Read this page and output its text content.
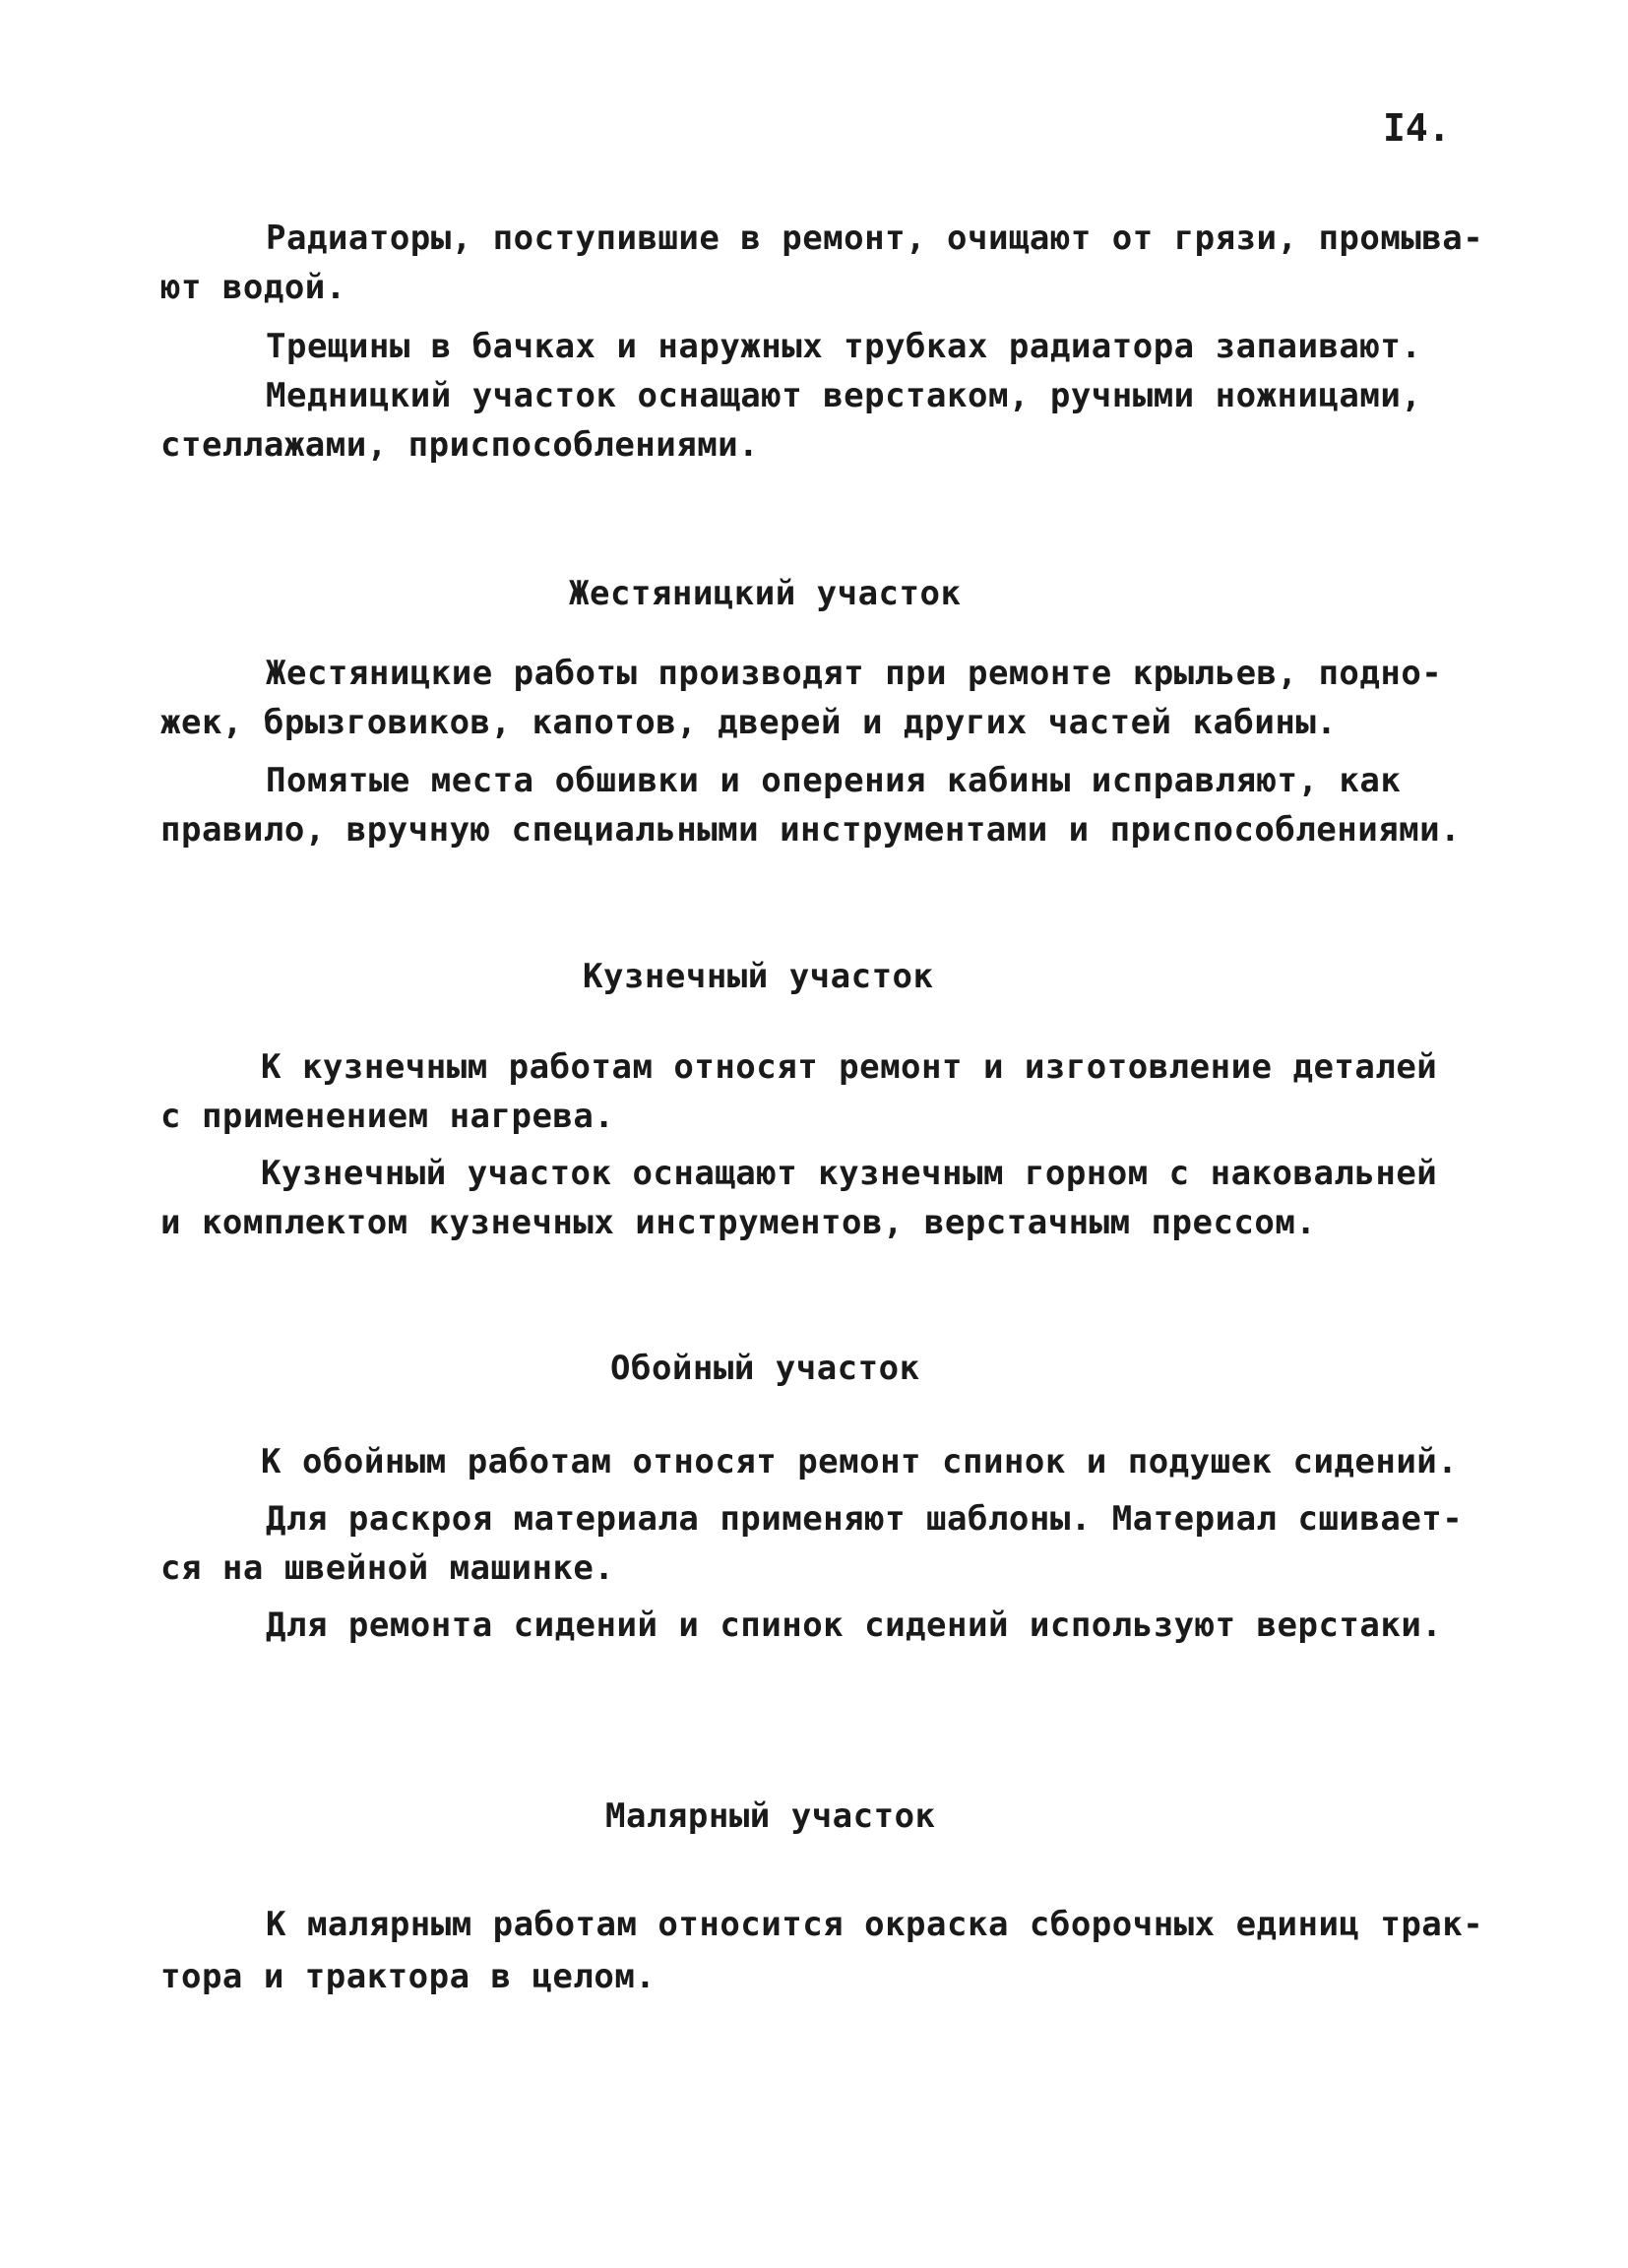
I4.
Радиаторы, поступившие в ремонт, очищают от грязи, промыва-
ют водой.
Трещины в бачках и наружных трубках радиатора запаивают.
Медницкий участок оснащают верстаком, ручными ножницами,
стеллажами, приспособлениями.
Жестяницкий участок
Жестяницкие работы производят при ремонте крыльев, подно-
жек, брызговиков, капотов, дверей и других частей кабины.
Помятые места обшивки и оперения кабины исправляют, как
правило, вручную специальными инструментами и приспособлениями.
Кузнечный участок
К кузнечным работам относят ремонт и изготовление деталей
с применением нагрева.
Кузнечный участок оснащают кузнечным горном с наковальней
и комплектом кузнечных инструментов, верстачным прессом.
Обойный участок
К обойным работам относят ремонт спинок и подушек сидений.
Для раскроя материала применяют шаблоны. Материал сшивает-
ся на швейной машинке.
Для ремонта сидений и спинок сидений используют верстаки.
Малярный участок
К малярным работам относится окраска сборочных единиц трак-
тора и трактора в целом.
